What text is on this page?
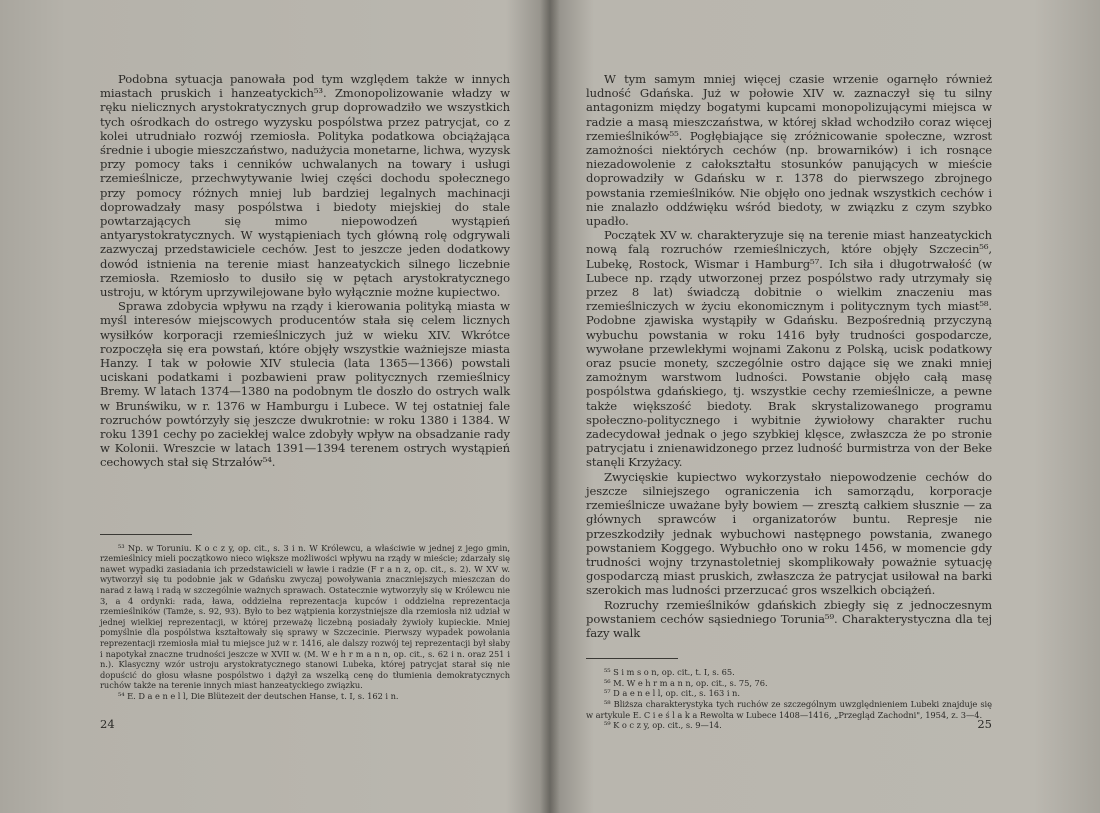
Podobna sytuacja panowała pod tym względem także w innych miastach pruskich i hanzeatyckich⁵³. Zmonopolizowanie władzy w ręku nielicznych arystokratycznych grup doprowadziło we wszystkich tych ośrodkach do ostrego wyzysku pospólstwa przez patrycjat, co z kolei utrudniało rozwój rzemiosła. Polityka podatkowa obciążająca średnie i ubogie mieszczaństwo, nadużycia monetarne, lichwa, wyzysk przy pomocy taks i cenników uchwalanych na towary i usługi rzemieślnicze, przechwytywanie lwiej części dochodu społecznego przy pomocy różnych mniej lub bardziej legalnych machinacji doprowadzały masy pospólstwa i biedoty miejskiej do stale powtarzających się mimo niepowodzeń wystąpień antyarystokratycznych. W wystąpieniach tych główną rolę odgrywali zazwyczaj przedstawiciele cechów. Jest to jeszcze jeden dodatkowy dowód istnienia na terenie miast hanzeatyckich silnego liczebnie rzemiosła. Rzemiosło to dusiło się w pętach arystokratycznego ustroju, w którym uprzywilejowane było wyłącznie możne kupiectwo.

Sprawa zdobycia wpływu na rządy i kierowania polityką miasta w myśl interesów miejscowych producentów stała się celem licznych wysiłków korporacji rzemieślniczych już w wieku XIV. Wkrótce rozpoczęła się era powstań, które objęły wszystkie ważniejsze miasta Hanzy. I tak w połowie XIV stulecia (lata 1365—1366) powstali uciskani podatkami i pozbawieni praw politycznych rzemieślnicy Bremy. W latach 1374—1380 na podobnym tle doszło do ostrych walk w Brunświku, w r. 1376 w Hamburgu i Lubece. W tej ostatniej fale rozruchów powtórzyły się jeszcze dwukrotnie: w roku 1380 i 1384. W roku 1391 cechy po zaciekłej walce zdobyły wpływ na obsadzanie rady w Kolonii. Wreszcie w latach 1391—1394 terenem ostrych wystąpień cechowych stał się Strzałów⁵⁴.

⁵³ Np. w Toruniu. K o c z y, op. cit., s. 3 i n. W Królewcu, a właściwie w jednej z jego gmin, rzemieślnicy mieli początkowo nieco większe możliwości wpływu na rządy w mieście; zdarzały się nawet wypadki zasiadania ich przedstawicieli w ławie i radzie (F r a n z, op. cit., s. 2). W XV w. wytworzył się tu podobnie jak w Gdańsku zwyczaj powoływania znaczniejszych mieszczan do narad z ławą i radą w szczególnie ważnych sprawach. Ostatecznie wytworzyły się w Królewcu nie 3, a 4 ordynki: rada, ława, oddzielna reprezentacja kupców i oddzielna reprezentacja rzemieślników (Tamże, s. 92, 93). Było to bez wątpienia korzystniejsze dla rzemiosła niż udział w jednej wielkiej reprezentacji, w której przeważę liczebną posiadały żywioły kupieckie. Mniej pomyślnie dla pospólstwa kształtowały się sprawy w Szczecinie. Pierwszy wypadek powołania reprezentacji rzemiosła miał tu miejsce już w r. 1416, ale dalszy rozwój tej reprezentacji był słaby i napotykał znaczne trudności jeszcze w XVII w. (M. W e h r m a n n, op. cit., s. 62 i n. oraz 251 i n.). Klasyczny wzór ustroju arystokratycznego stanowi Lubeka, której patrycjat starał się nie dopuścić do głosu własne pospólstwo i dążył za wszelką cenę do tłumienia demokratycznych ruchów także na terenie innych miast hanzeatyckiego związku.

⁵⁴ E. D a e n e l l, Die Blütezeit der deutschen Hanse, t. I, s. 162 i n.

24

W tym samym mniej więcej czasie wrzenie ogarnęło również ludność Gdańska. Już w połowie XIV w. zaznaczył się tu silny antagonizm między bogatymi kupcami monopolizującymi miejsca w radzie a masą mieszczaństwa, w której skład wchodziło coraz więcej rzemieślników⁵⁵. Pogłębiające się zróżnicowanie społeczne, wzrost zamożności niektórych cechów (np. browarników) i ich rosnące niezadowolenie z całokształtu stosunków panujących w mieście doprowadziły w Gdańsku w r. 1378 do pierwszego zbrojnego powstania rzemieślników. Nie objęło ono jednak wszystkich cechów i nie znalazło oddźwięku wśród biedoty, w związku z czym szybko upadło.

Początek XV w. charakteryzuje się na terenie miast hanzeatyckich nową falą rozruchów rzemieślniczych, które objęły Szczecin⁵⁶, Lubekę, Rostock, Wismar i Hamburg⁵⁷. Ich siła i długotrwałość (w Lubece np. rządy utworzonej przez pospólstwo rady utrzymały się przez 8 lat) świadczą dobitnie o wielkim znaczeniu mas rzemieślniczych w życiu ekonomicznym i politycznym tych miast⁵⁸. Podobne zjawiska wystąpiły w Gdańsku. Bezpośrednią przyczyną wybuchu powstania w roku 1416 były trudności gospodarcze, wywołane przewlekłymi wojnami Zakonu z Polską, ucisk podatkowy oraz psucie monety, szczególnie ostro dające się we znaki mniej zamożnym warstwom ludności. Powstanie objęło całą masę pospólstwa gdańskiego, tj. wszystkie cechy rzemieślnicze, a pewne także większość biedoty. Brak skrystalizowanego programu społeczno-politycznego i wybitnie żywiołowy charakter ruchu zadecydował jednak o jego szybkiej klęsce, zwłaszcza że po stronie patrycjatu i znienawidzonego przez ludność burmistrza von der Beke stanęli Krzyżacy.

Zwycięskie kupiectwo wykorzystało niepowodzenie cechów do jeszcze silniejszego ograniczenia ich samorządu, korporacje rzemieślnicze uważane były bowiem — zresztą całkiem słusznie — za głównych sprawców i organizatorów buntu. Represje nie przeszkodziły jednak wybuchowi następnego powstania, zwanego powstaniem Koggego. Wybuchło ono w roku 1456, w momencie gdy trudności wojny trzynastoletniej skomplikowały poważnie sytuację gospodarczą miast pruskich, zwłaszcza że patrycjat usiłował na barki szerokich mas ludności przerzucać gros wszelkich obciążeń.

Rozruchy rzemieślników gdańskich zbiegły się z jednoczesnym powstaniem cechów sąsiedniego Torunia⁵⁹. Charakterystyczna dla tej fazy walk

⁵⁵ S i m s o n, op. cit., t. I, s. 65.

⁵⁶ M. W e h r m a n n, op. cit., s. 75, 76.

⁵⁷ D a e n e l l, op. cit., s. 163 i n.

⁵⁸ Bliższa charakterystyka tych ruchów ze szczególnym uwzględnieniem Lubeki znajduje się w artykule E. C i e ś l a k a Rewolta w Lubece 1408—1416, „Przegląd Zachodni", 1954, z. 3—4.

⁵⁹ K o c z y, op. cit., s. 9—14.	25
